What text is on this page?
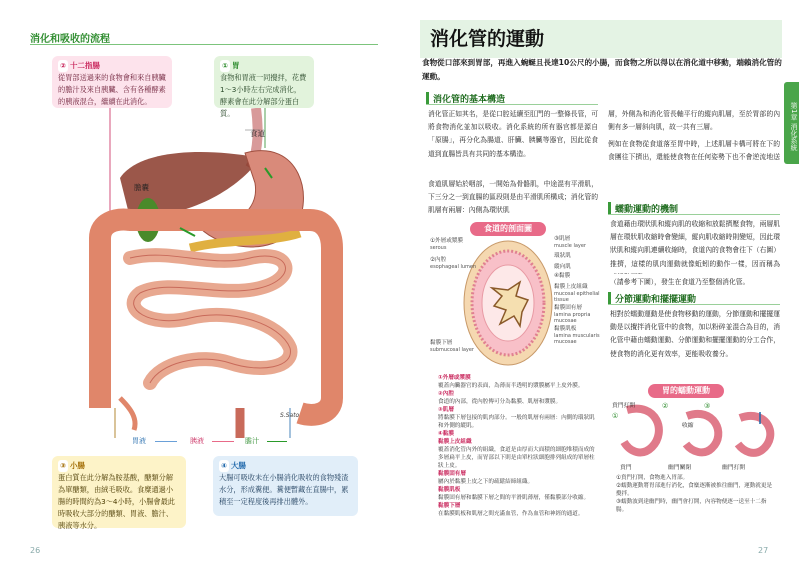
消化和吸收的流程
② 十二指腸
從胃部送過來的食物會和來自胰臟的膽汁及來自胰臟、含有各種酵素的胰液混合，繼續在此消化。
① 胃
食物和胃液一同攪拌，花費1～3小時左右完成消化，酵素會在此分解部分蛋白質。
食道
膽囊
S.Sato
胃液	胰液	膽汁
③ 小腸
蛋白質在此分解為胺基酸，醣類分解為單醣類，由絨毛吸收。食糜通過小腸的時間約為3～4小時，小腸會最此時吸收大部分的醣類、胃液、膽汁、胰液等水分。
④ 大腸
大腸可吸收未在小腸消化吸收的食物殘渣水分，形成糞便。糞便暫藏在直腸中，累積至一定程度後再排出體外。
26
消化管的運動
食物從口部來到胃部，再進入蜿蜒且長達10公尺的小腸，而食物之所以得以在消化道中移動，端賴消化管的運動。
第1章 消化系統
消化管的基本構造
消化管正如其名，是從口腔延續至肛門的一整條長管，可將食物消化並加以吸收。消化系統的所有器官都是源自「原腸」，再分化為腸道、肝臟、胰臟等器官，因此從食道到直腸皆具有共同的基本構造。
食道肌層始於咽部，一開始為骨骼肌，中途混有平滑肌，下三分之一到直腸的區段則是由平滑肌所構成；消化管的肌層有兩層：內側為環狀肌
層，外側為和消化管長軸平行的縱向肌層，至於胃部的內側有多一層斜向肌，故一共有三層。
例如在食物從食道落至胃中時，上述肌層卡構可將在下的食團往下擠出，還能使食物在任何姿勢下也不會逆流地送
蠕動運動的機制
食道藉由環狀肌和縱向肌的收縮和放鬆擠壓食物，兩層肌層在環狀肌收縮時會變細，縱向肌收縮時則變短，因此環狀肌和縱向肌連續收縮時，食道內的食物會往下（右圖）推擠，這樣的肌肉運動就像蚯蚓的動作一樣，因而稱為
（請參考下圖），發生在食道乃至整個消化管。
分節運動和擺擺運動
相對於蠕動運動是使食物移動的運動，分節運動和擺擺運動是以攪拌消化管中的食物，加以粉碎並混合為目的，消化管中藉由蠕動運動、分節運動和擺擺運動的分工合作，使食物的消化更有效率，更能吸收養分。
食道的剖面圖
①外層或漿膜
serous
②內腔
esophageal lumen
黏膜下層
submucosal layer
③肌層
muscle layer
環狀肌
縱向肌
④黏膜
黏膜上皮組織
mucosal epithelial tissue
黏膜固有層
lamina propria mucosae
黏膜肌板
lamina muscularis mucosae
①外層或漿膜
覆蓋內臟器官的表面，為薄而半透明的漿膜屬平上皮外膜。
②內腔
食道的內部，從內腔傳可分為黏膜、肌層和漿膜。
③肌層
將黏膜下層包接的肌肉部分。一般的肌層有兩層：內側的環狀肌和外側的縱肌。
④黏膜
黏膜上皮組織
覆蓋消化管內外的組織，食道是由厚而大面積的細胞堆積而成的多層扁平上皮，而胃部以下則是由單柱狀細胞排列組成的單層柱狀上皮。
黏膜固有層
屬內於黏膜上皮之下的疏鬆結締組織。
黏膜肌板
黏膜固有層和黏膜下層之間的平滑肌薄層，僅黏膜部分收縮。
黏膜下層
在黏膜肌板和肌層之間充滿血管，作為血管和神經的通道。
胃的蠕動運動
賁門打開	②	③
①
收縮
賁門	幽門關閉	幽門打開
①賁門打開，食物進入胃部。
②蠕動運動將胃部進行消化，食糜逐漸被推往幽門，運動就更是攪拌。
③蠕動波到達幽門時，幽門會打開，內容物便逐一送至十二指腸。
27
